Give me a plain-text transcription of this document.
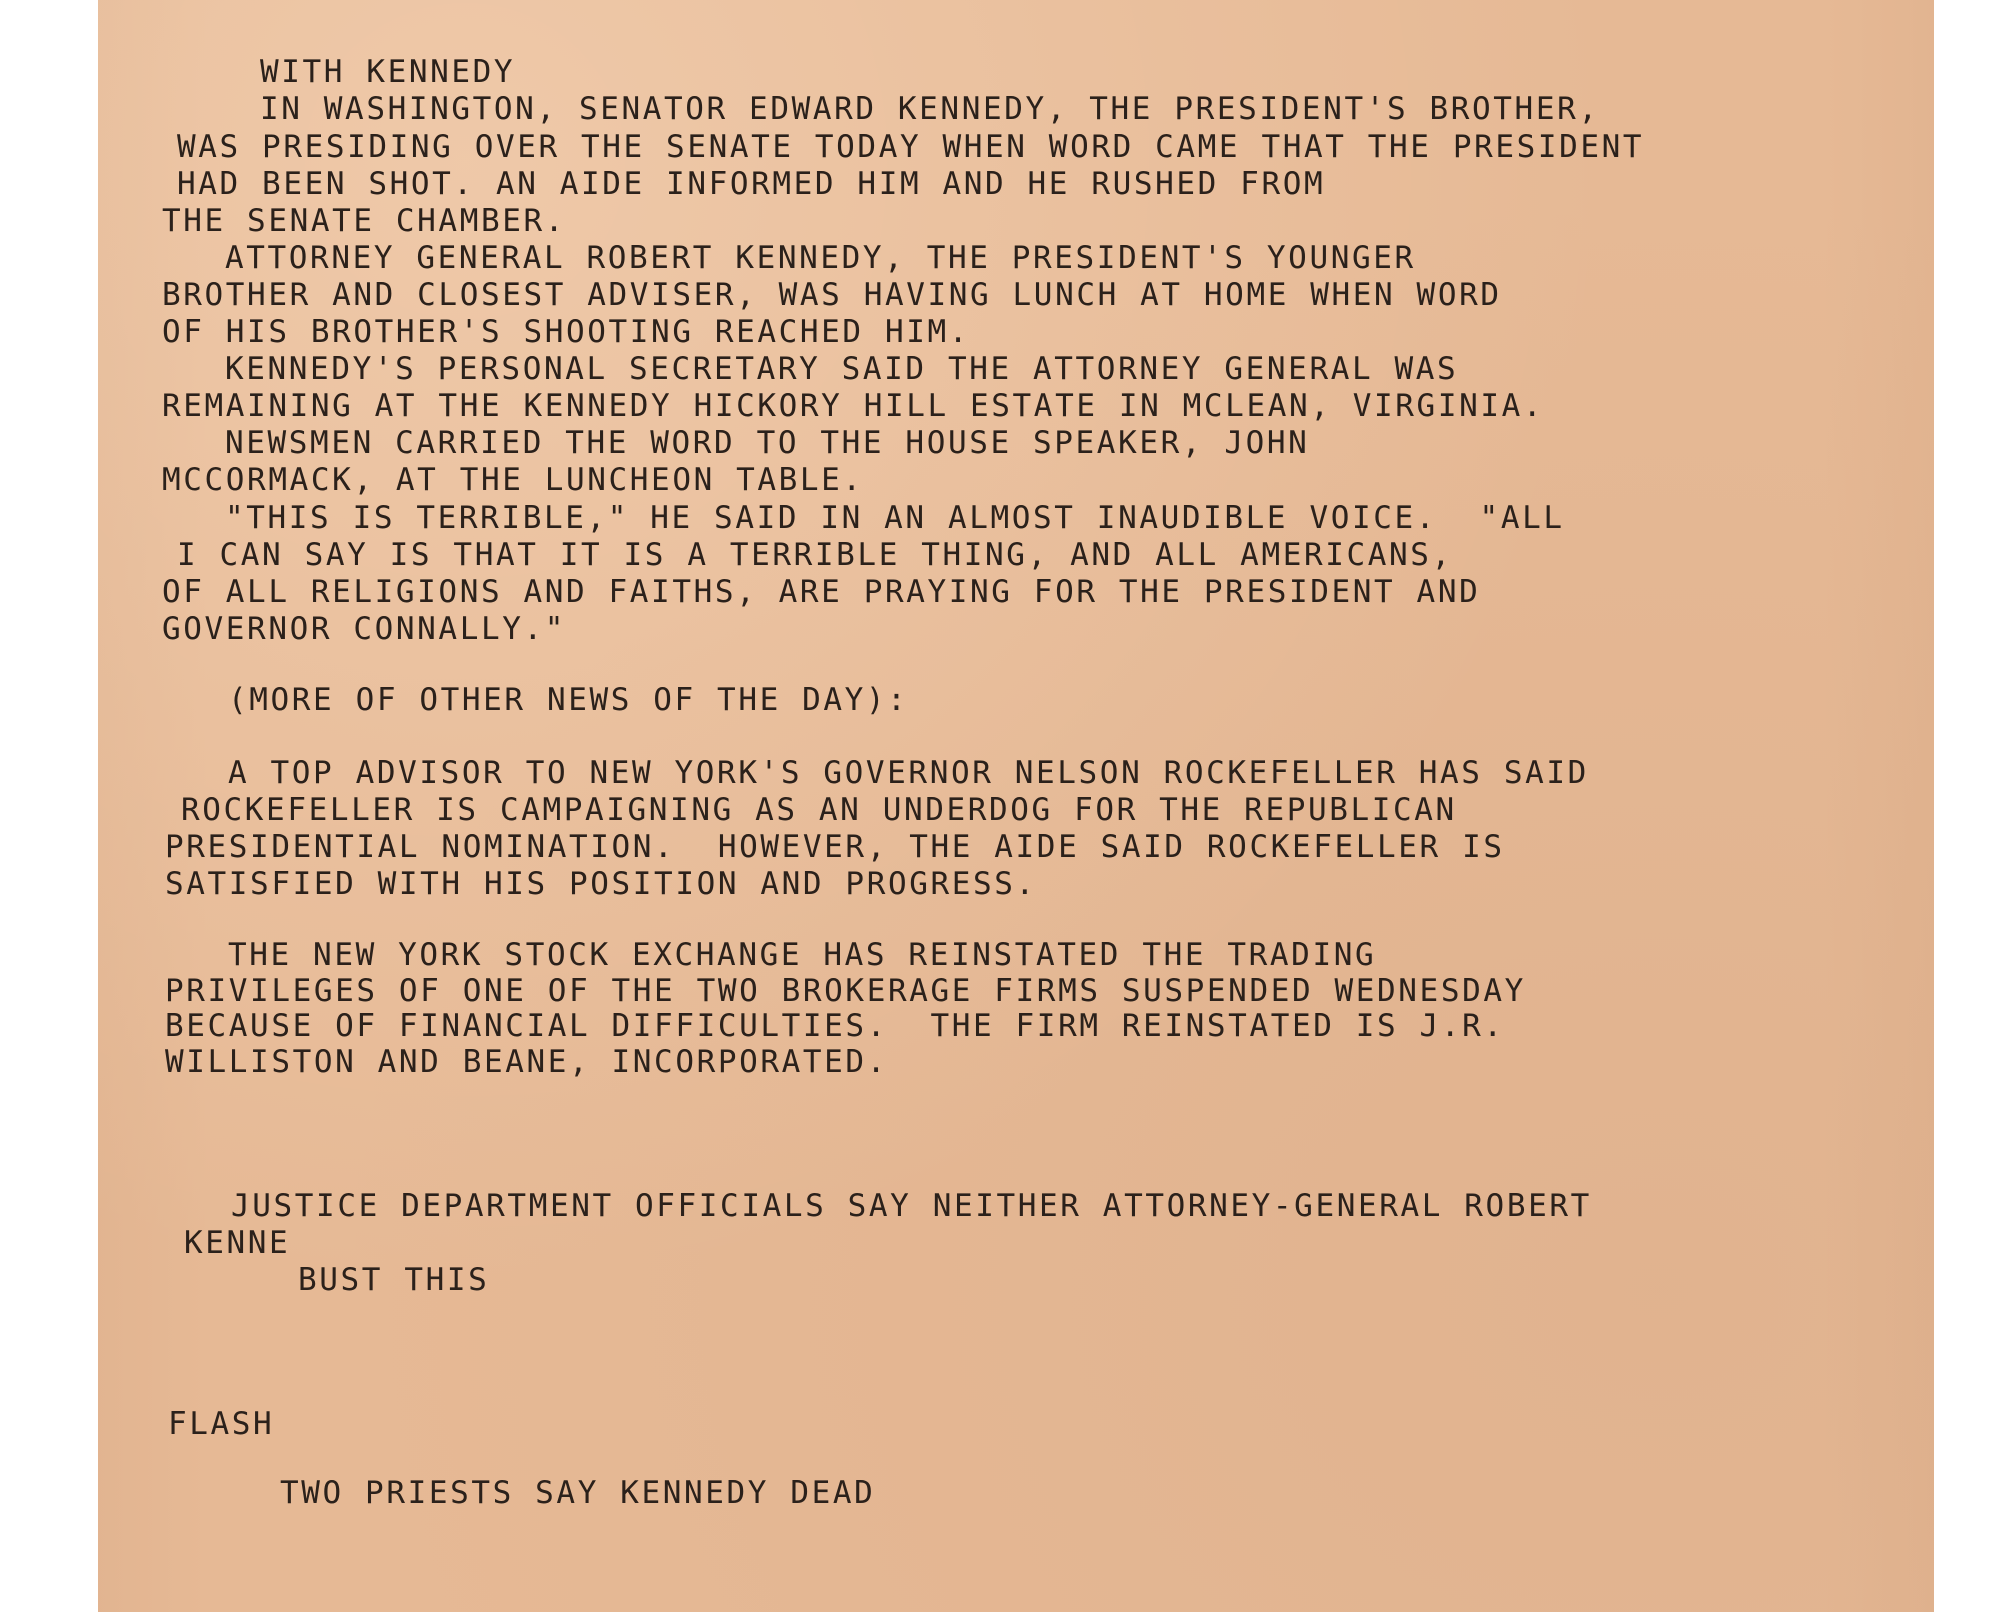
WITH KENNEDY

IN WASHINGTON, SENATOR EDWARD KENNEDY, THE PRESIDENT'S BROTHER,

WAS PRESIDING OVER THE SENATE TODAY WHEN WORD CAME THAT THE PRESIDENT

HAD BEEN SHOT. AN AIDE INFORMED HIM AND HE RUSHED FROM

THE SENATE CHAMBER.

ATTORNEY GENERAL ROBERT KENNEDY, THE PRESIDENT'S YOUNGER

BROTHER AND CLOSEST ADVISER, WAS HAVING LUNCH AT HOME WHEN WORD

OF HIS BROTHER'S SHOOTING REACHED HIM.

KENNEDY'S PERSONAL SECRETARY SAID THE ATTORNEY GENERAL WAS

REMAINING AT THE KENNEDY HICKORY HILL ESTATE IN MCLEAN, VIRGINIA.

NEWSMEN CARRIED THE WORD TO THE HOUSE SPEAKER, JOHN

MCCORMACK, AT THE LUNCHEON TABLE.

"THIS IS TERRIBLE," HE SAID IN AN ALMOST INAUDIBLE VOICE.  "ALL

I CAN SAY IS THAT IT IS A TERRIBLE THING, AND ALL AMERICANS,

OF ALL RELIGIONS AND FAITHS, ARE PRAYING FOR THE PRESIDENT AND

GOVERNOR CONNALLY."

(MORE OF OTHER NEWS OF THE DAY):

A TOP ADVISOR TO NEW YORK'S GOVERNOR NELSON ROCKEFELLER HAS SAID

ROCKEFELLER IS CAMPAIGNING AS AN UNDERDOG FOR THE REPUBLICAN

PRESIDENTIAL NOMINATION.  HOWEVER, THE AIDE SAID ROCKEFELLER IS

SATISFIED WITH HIS POSITION AND PROGRESS.

THE NEW YORK STOCK EXCHANGE HAS REINSTATED THE TRADING

PRIVILEGES OF ONE OF THE TWO BROKERAGE FIRMS SUSPENDED WEDNESDAY

BECAUSE OF FINANCIAL DIFFICULTIES.  THE FIRM REINSTATED IS J.R.

WILLISTON AND BEANE, INCORPORATED.

JUSTICE DEPARTMENT OFFICIALS SAY NEITHER ATTORNEY-GENERAL ROBERT

KENNE

BUST THIS

FLASH

TWO PRIESTS SAY KENNEDY DEAD
